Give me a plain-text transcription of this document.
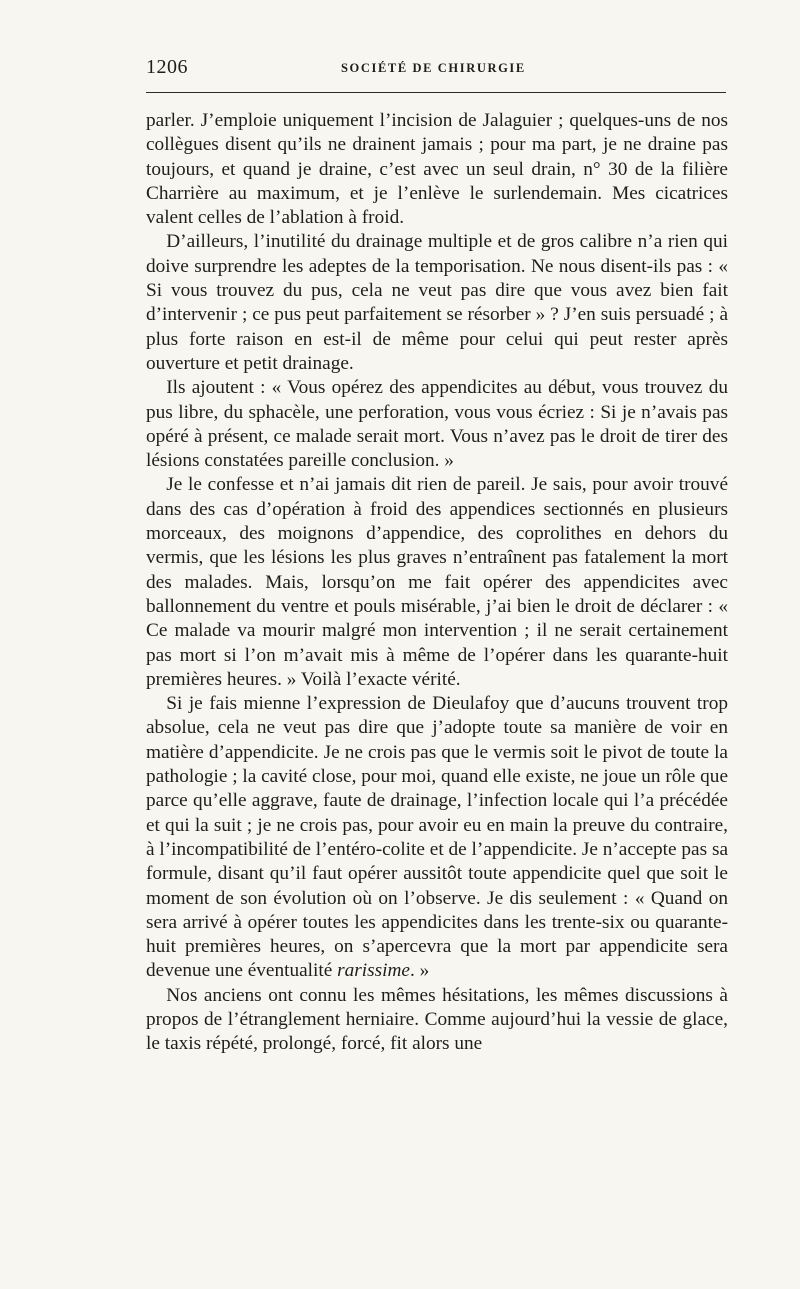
1206	SOCIÉTÉ DE CHIRURGIE

parler. J’emploie uniquement l’incision de Jalaguier ; quelques-uns de nos collègues disent qu’ils ne drainent jamais ; pour ma part, je ne draine pas toujours, et quand je draine, c’est avec un seul drain, n° 30 de la filière Charrière au maximum, et je l’enlève le surlendemain. Mes cicatrices valent celles de l’ablation à froid.

D’ailleurs, l’inutilité du drainage multiple et de gros calibre n’a rien qui doive surprendre les adeptes de la temporisation. Ne nous disent-ils pas : « Si vous trouvez du pus, cela ne veut pas dire que vous avez bien fait d’intervenir ; ce pus peut parfaitement se résorber » ? J’en suis persuadé ; à plus forte raison en est-il de même pour celui qui peut rester après ouverture et petit drainage.

Ils ajoutent : « Vous opérez des appendicites au début, vous trouvez du pus libre, du sphacèle, une perforation, vous vous écriez : Si je n’avais pas opéré à présent, ce malade serait mort. Vous n’avez pas le droit de tirer des lésions constatées pareille conclusion. »

Je le confesse et n’ai jamais dit rien de pareil. Je sais, pour avoir trouvé dans des cas d’opération à froid des appendices sectionnés en plusieurs morceaux, des moignons d’appendice, des coprolithes en dehors du vermis, que les lésions les plus graves n’entraînent pas fatalement la mort des malades. Mais, lorsqu’on me fait opérer des appendicites avec ballonnement du ventre et pouls misérable, j’ai bien le droit de déclarer : « Ce malade va mourir malgré mon intervention ; il ne serait certainement pas mort si l’on m’avait mis à même de l’opérer dans les quarante-huit premières heures. » Voilà l’exacte vérité.

Si je fais mienne l’expression de Dieulafoy que d’aucuns trouvent trop absolue, cela ne veut pas dire que j’adopte toute sa manière de voir en matière d’appendicite. Je ne crois pas que le vermis soit le pivot de toute la pathologie ; la cavité close, pour moi, quand elle existe, ne joue un rôle que parce qu’elle aggrave, faute de drainage, l’infection locale qui l’a précédée et qui la suit ; je ne crois pas, pour avoir eu en main la preuve du contraire, à l’incompatibilité de l’entéro-colite et de l’appendicite. Je n’accepte pas sa formule, disant qu’il faut opérer aussitôt toute appendicite quel que soit le moment de son évolution où on l’observe. Je dis seulement : « Quand on sera arrivé à opérer toutes les appendicites dans les trente-six ou quarante-huit premières heures, on s’apercevra que la mort par appendicite sera devenue une éventualité rarissime. »

Nos anciens ont connu les mêmes hésitations, les mêmes discussions à propos de l’étranglement herniaire. Comme aujourd’hui la vessie de glace, le taxis répété, prolongé, forcé, fit alors une
